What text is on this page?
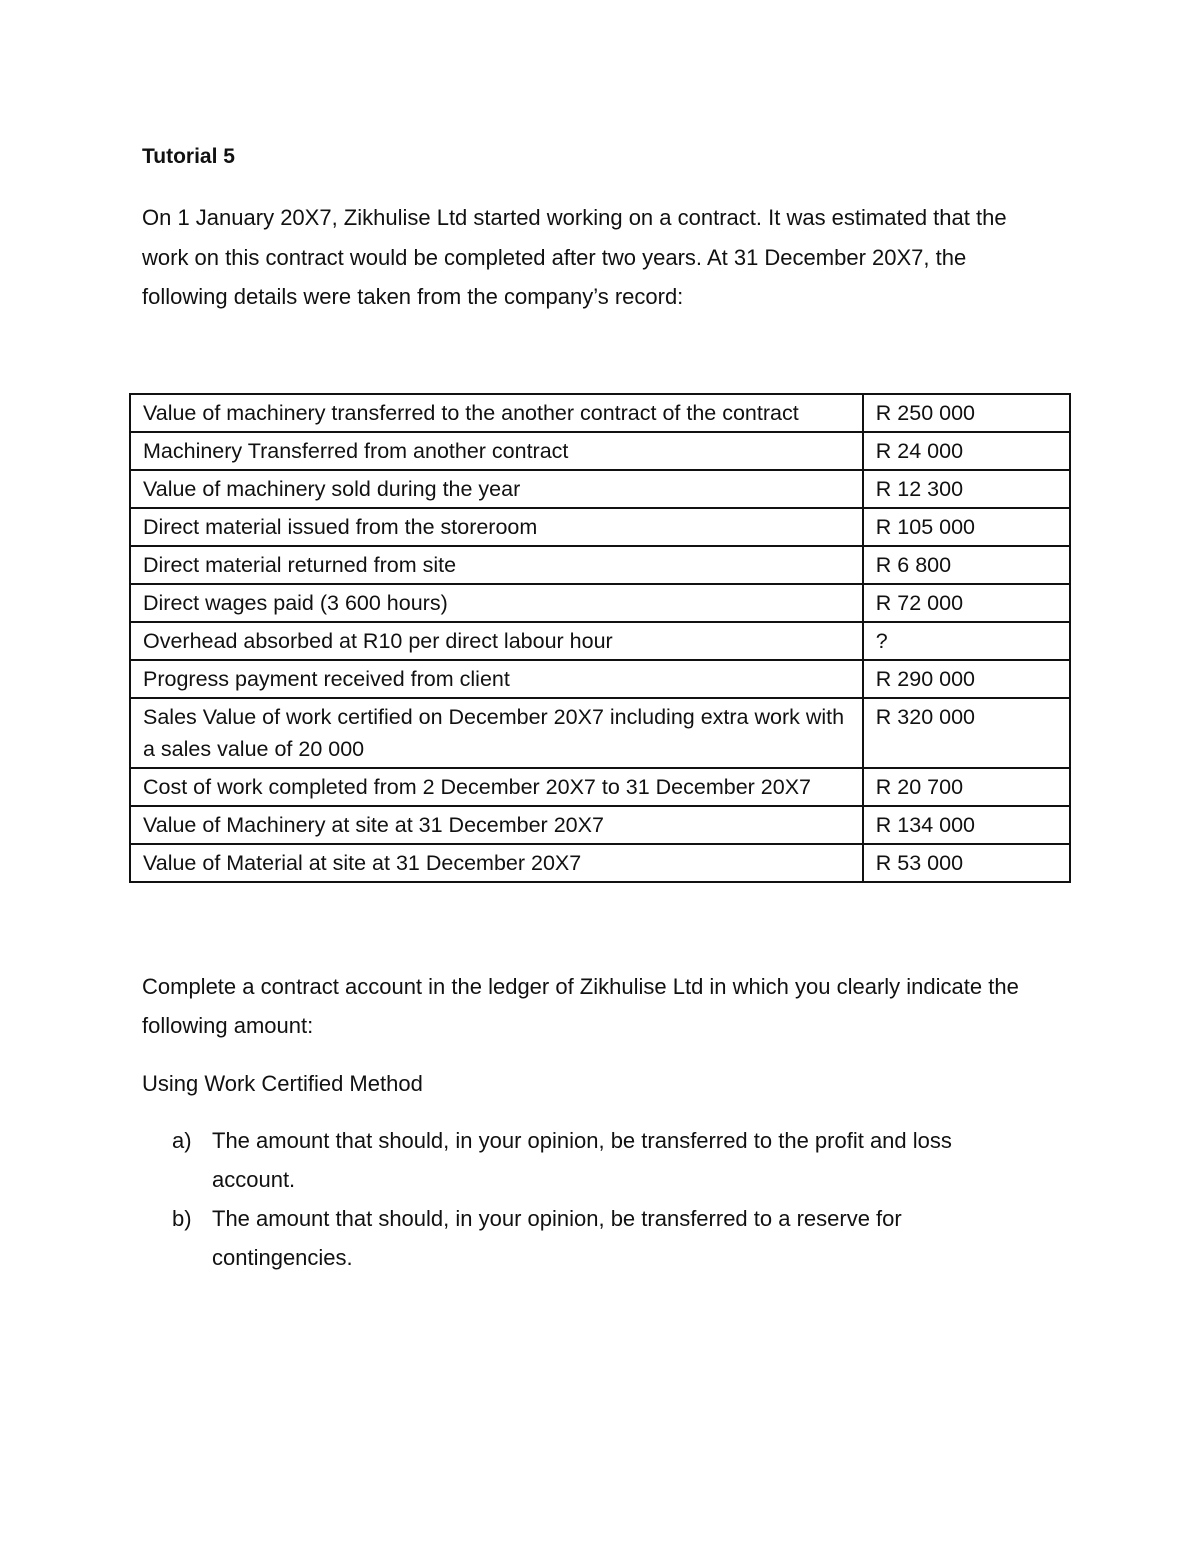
Tutorial 5

On 1 January 20X7, Zikhulise Ltd started working on a contract. It was estimated that the work on this contract would be completed after two years. At 31 December 20X7, the following details were taken from the company’s record:

Value of machinery transferred to the another contract of the contract	R 250 000
Machinery Transferred from another contract	R 24 000
Value of machinery sold during the year	R 12 300
Direct material issued from the storeroom	R 105 000
Direct material returned from site	R 6 800
Direct wages paid (3 600 hours)	R 72 000
Overhead absorbed at R10 per direct labour hour	?
Progress payment received from client	R 290 000
Sales Value of work certified on December 20X7 including extra work with a sales value of 20 000	R 320 000
Cost of work completed from 2 December 20X7 to 31 December 20X7	R 20 700
Value of Machinery at site at 31 December 20X7	R 134 000
Value of Material at site at 31 December 20X7	R 53 000

Complete a contract account in the ledger of Zikhulise Ltd in which you clearly indicate the following amount:

Using Work Certified Method

a) The amount that should, in your opinion, be transferred to the profit and loss account.
b) The amount that should, in your opinion, be transferred to a reserve for contingencies.
